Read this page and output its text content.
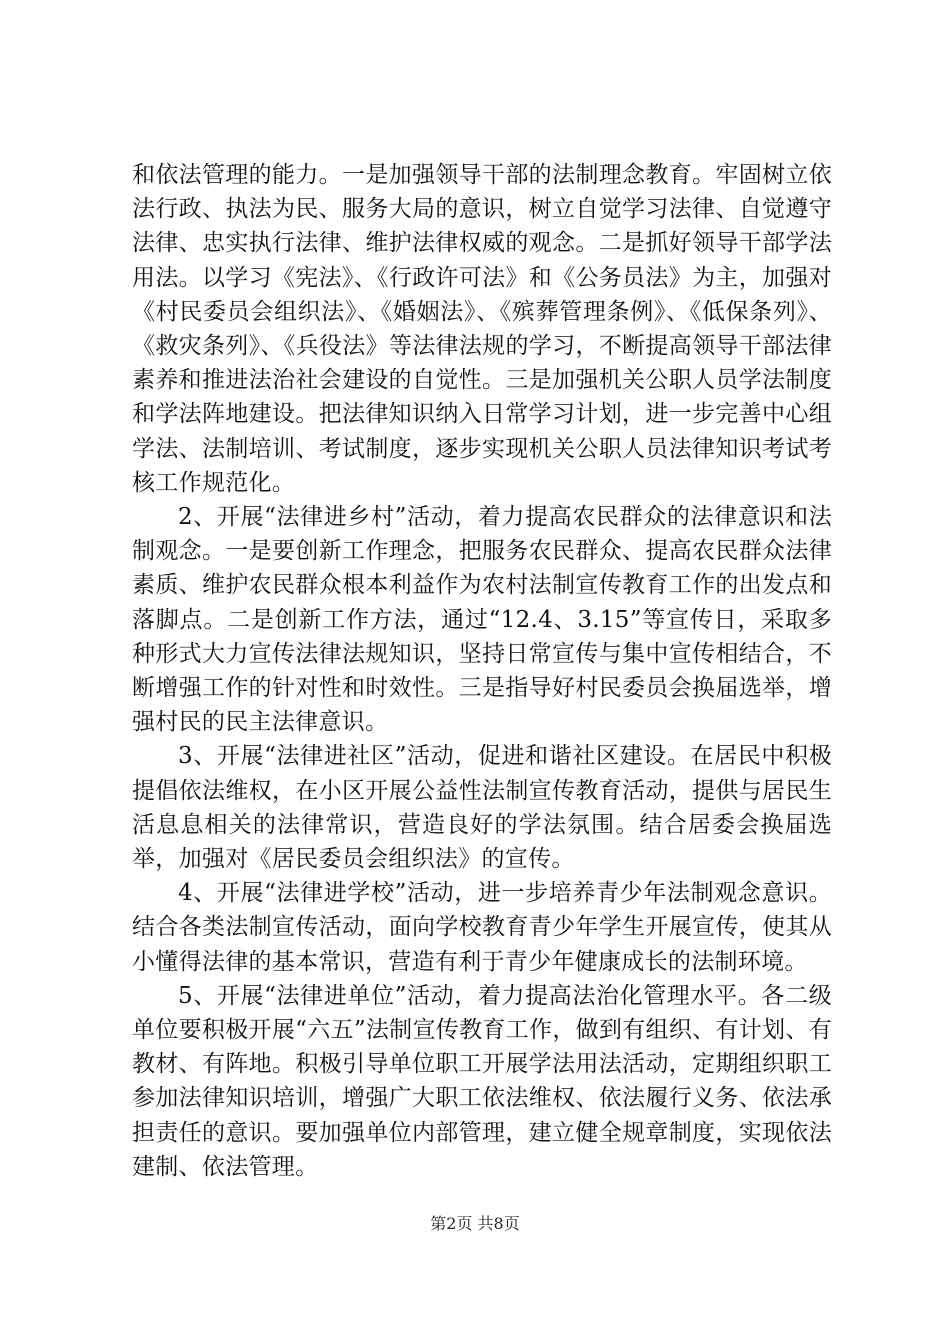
和依法管理的能力。一是加强领导干部的法制理念教育。牢固树立依法行政、执法为民、服务大局的意识，树立自觉学习法律、自觉遵守法律、忠实执行法律、维护法律权威的观念。二是抓好领导干部学法用法。以学习《宪法》、《行政许可法》和《公务员法》为主，加强对《村民委员会组织法》、《婚姻法》、《殡葬管理条例》、《低保条列》、《救灾条列》、《兵役法》等法律法规的学习，不断提高领导干部法律素养和推进法治社会建设的自觉性。三是加强机关公职人员学法制度和学法阵地建设。把法律知识纳入日常学习计划，进一步完善中心组学法、法制培训、考试制度，逐步实现机关公职人员法律知识考试考核工作规范化。

2、开展“法律进乡村”活动，着力提高农民群众的法律意识和法制观念。一是要创新工作理念，把服务农民群众、提高农民群众法律素质、维护农民群众根本利益作为农村法制宣传教育工作的出发点和落脚点。二是创新工作方法，通过“12.4、3.15”等宣传日，采取多种形式大力宣传法律法规知识，坚持日常宣传与集中宣传相结合，不断增强工作的针对性和时效性。三是指导好村民委员会换届选举，增强村民的民主法律意识。

3、开展“法律进社区”活动，促进和谐社区建设。在居民中积极提倡依法维权，在小区开展公益性法制宣传教育活动，提供与居民生活息息相关的法律常识，营造良好的学法氛围。结合居委会换届选举，加强对《居民委员会组织法》的宣传。

4、开展“法律进学校”活动，进一步培养青少年法制观念意识。结合各类法制宣传活动，面向学校教育青少年学生开展宣传，使其从小懂得法律的基本常识，营造有利于青少年健康成长的法制环境。

5、开展“法律进单位”活动，着力提高法治化管理水平。各二级单位要积极开展“六五”法制宣传教育工作，做到有组织、有计划、有教材、有阵地。积极引导单位职工开展学法用法活动，定期组织职工参加法律知识培训，增强广大职工依法维权、依法履行义务、依法承担责任的意识。要加强单位内部管理，建立健全规章制度，实现依法建制、依法管理。

第2页 共8页
